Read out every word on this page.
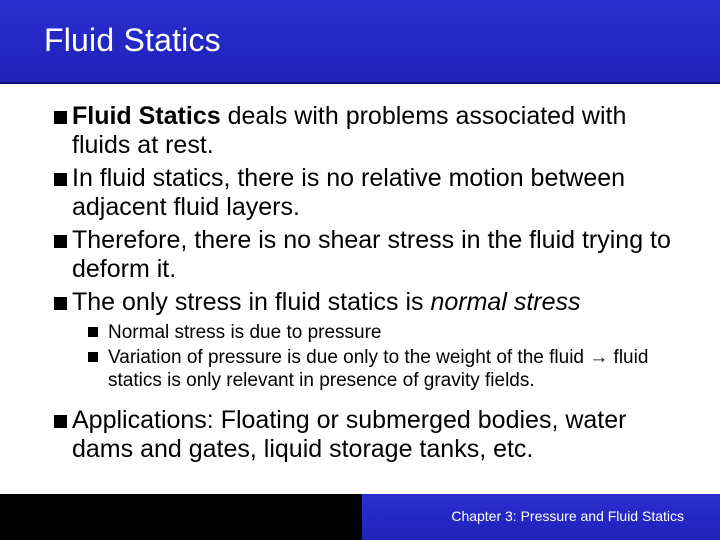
Fluid Statics
Fluid Statics deals with problems associated with fluids at rest.
In fluid statics, there is no relative motion between adjacent fluid layers.
Therefore, there is no shear stress in the fluid trying to deform it.
The only stress in fluid statics is normal stress
Normal stress is due to pressure
Variation of pressure is due only to the weight of the fluid → fluid statics is only relevant in presence of gravity fields.
Applications: Floating or submerged bodies, water dams and gates, liquid storage tanks, etc.
Chapter 3: Pressure and Fluid Statics
